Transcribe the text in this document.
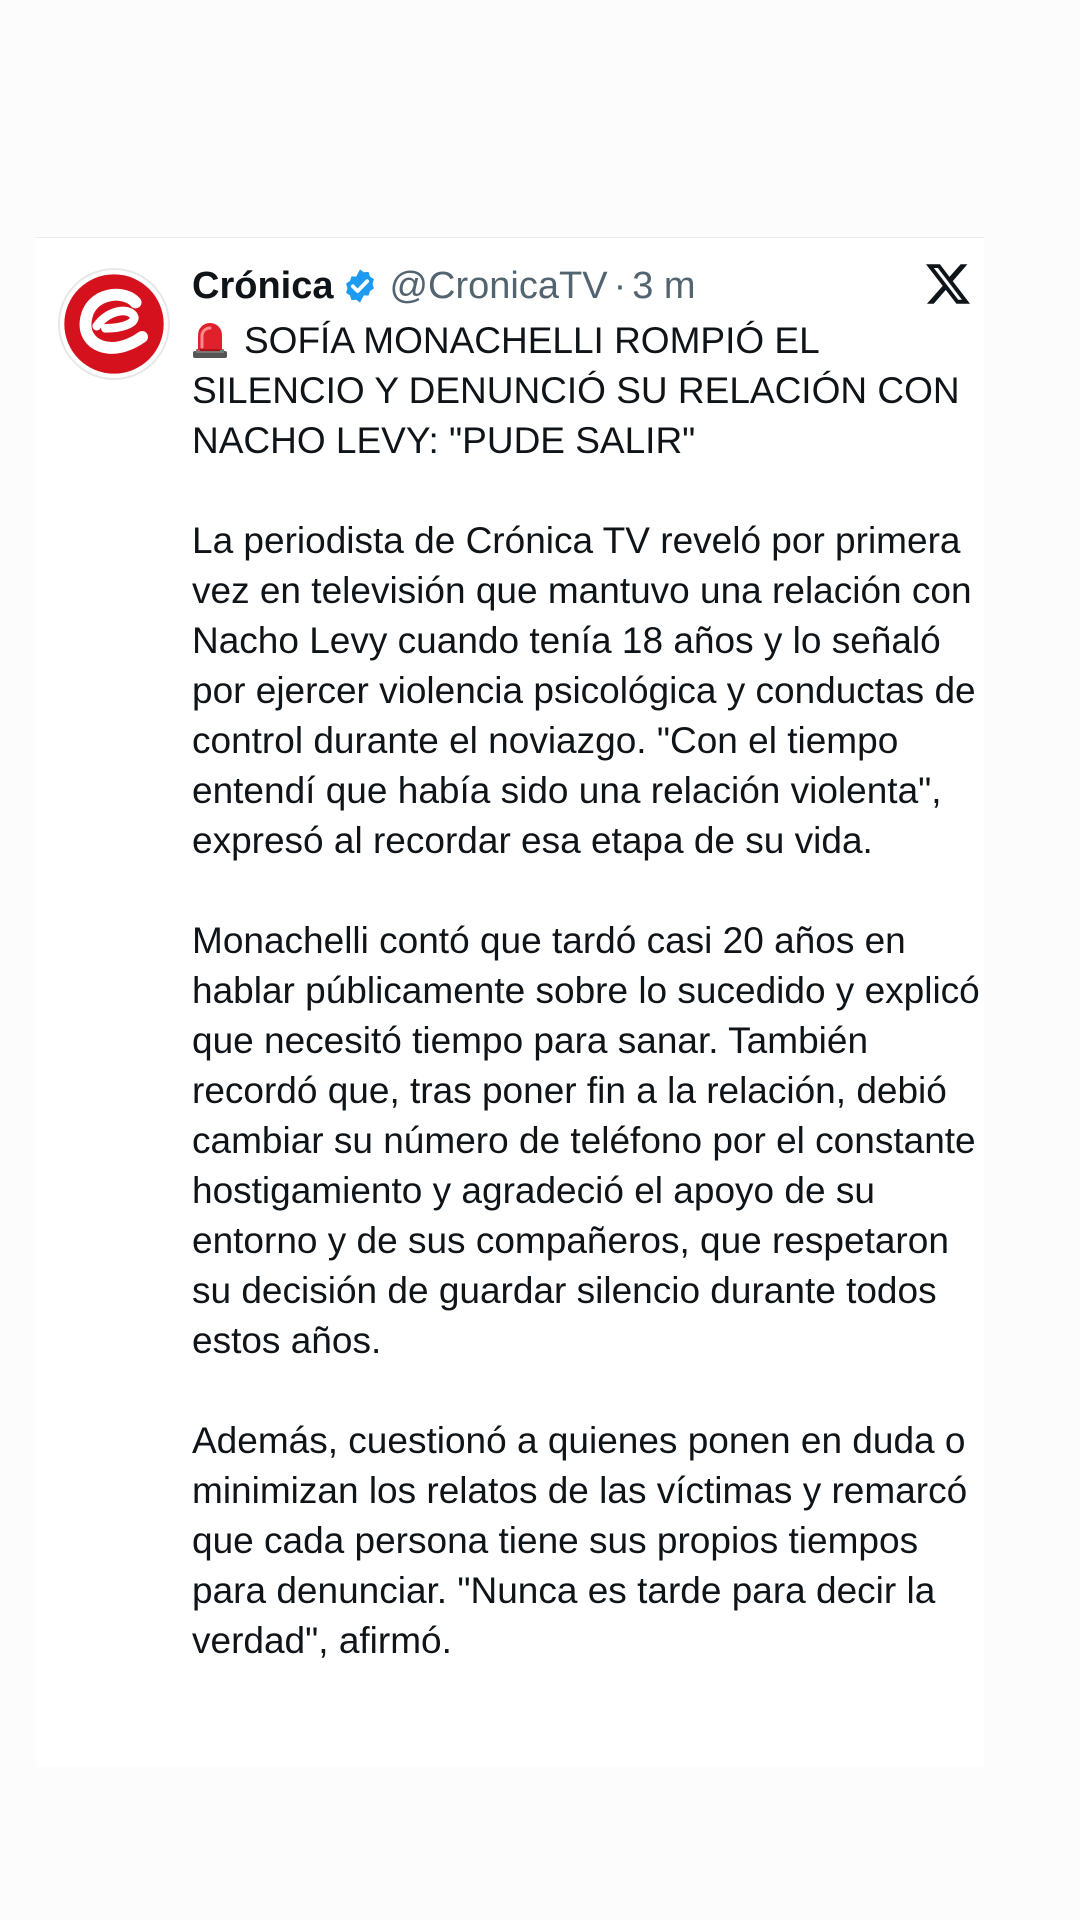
Crónica @CronicaTV · 3 m

SOFÍA MONACHELLI ROMPIÓ EL SILENCIO Y DENUNCIÓ SU RELACIÓN CON NACHO LEVY: "PUDE SALIR"

La periodista de Crónica TV reveló por primera vez en televisión que mantuvo una relación con Nacho Levy cuando tenía 18 años y lo señaló por ejercer violencia psicológica y conductas de control durante el noviazgo. "Con el tiempo entendí que había sido una relación violenta", expresó al recordar esa etapa de su vida.

Monachelli contó que tardó casi 20 años en hablar públicamente sobre lo sucedido y explicó que necesitó tiempo para sanar. También recordó que, tras poner fin a la relación, debió cambiar su número de teléfono por el constante hostigamiento y agradeció el apoyo de su entorno y de sus compañeros, que respetaron su decisión de guardar silencio durante todos estos años.

Además, cuestionó a quienes ponen en duda o minimizan los relatos de las víctimas y remarcó que cada persona tiene sus propios tiempos para denunciar. "Nunca es tarde para decir la verdad", afirmó.
